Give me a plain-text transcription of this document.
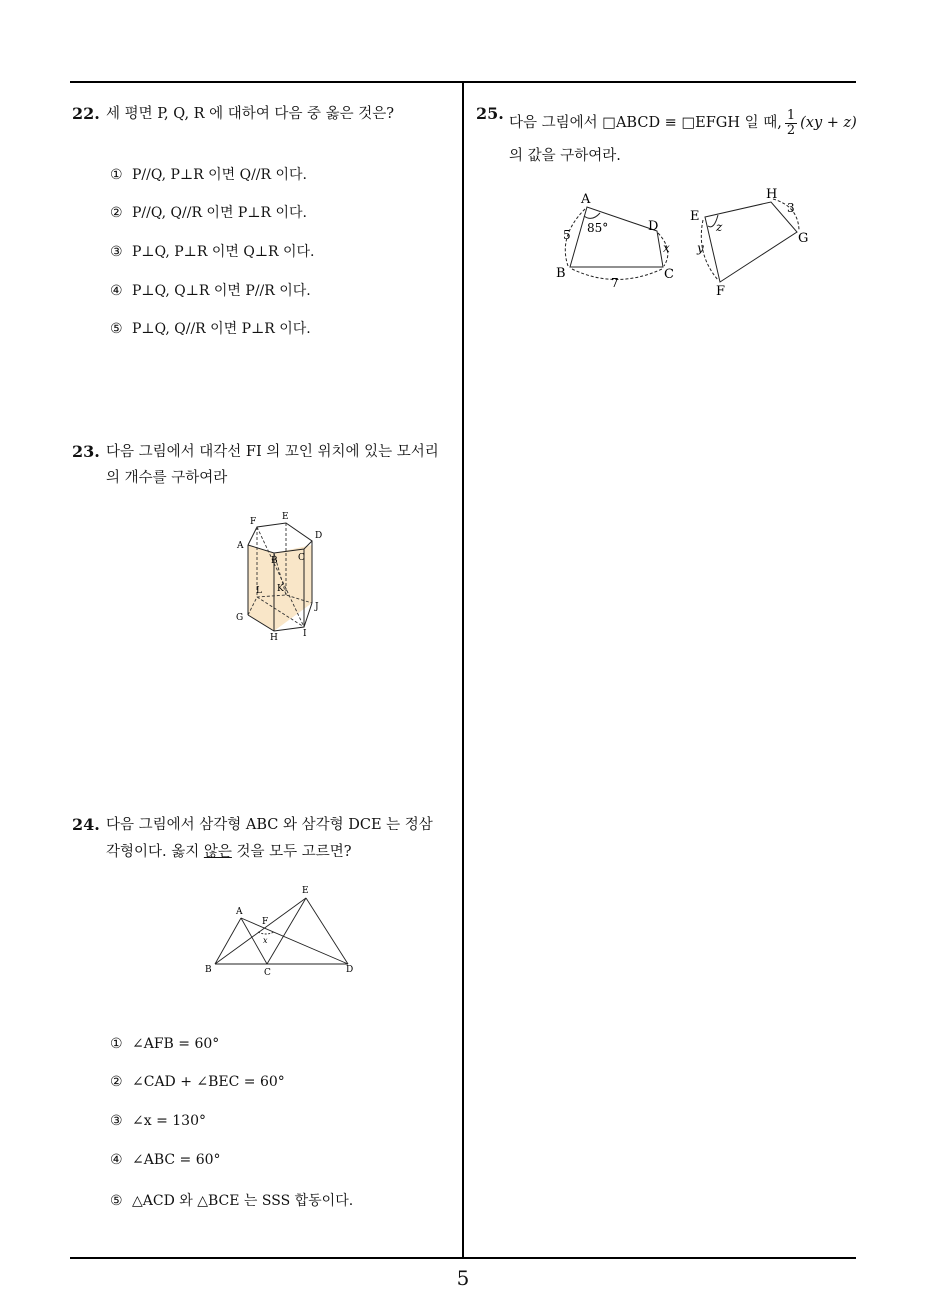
22. 세 평면 P, Q, R 에 대하여 다음 중 옳은 것은?
① P//Q, P⊥R 이면 Q//R 이다.
② P//Q, Q//R 이면 P⊥R 이다.
③ P⊥Q, P⊥R 이면 Q⊥R 이다.
④ P⊥Q, Q⊥R 이면 P//R 이다.
⑤ P⊥Q, Q//R 이면 P⊥R 이다.
23. 다음 그림에서 대각선 FI 의 꼬인 위치에 있는 모서리
의 개수를 구하여라
F	E
D
A
B C
L K
J
G
H	I
24. 다음 그림에서 삼각형 ABC 와 삼각형 DCE 는 정삼
각형이다. 옳지 않은 것을 모두 고르면?
E
A
F
x
B	C	D
① ∠AFB = 60°
② ∠CAD + ∠BEC = 60°
③ ∠x = 130°
④ ∠ABC = 60°
⑤ △ACD 와 △BCE 는 SSS 합동이다.
25. 다음 그림에서 □ABCD ≡ □EFGH 일 때, $\frac{1}{2} (xy + z)$
의 값을 구하여라.
A
B	C
D
5
7
85°
x
E
F
G
H
y
z
3
5
